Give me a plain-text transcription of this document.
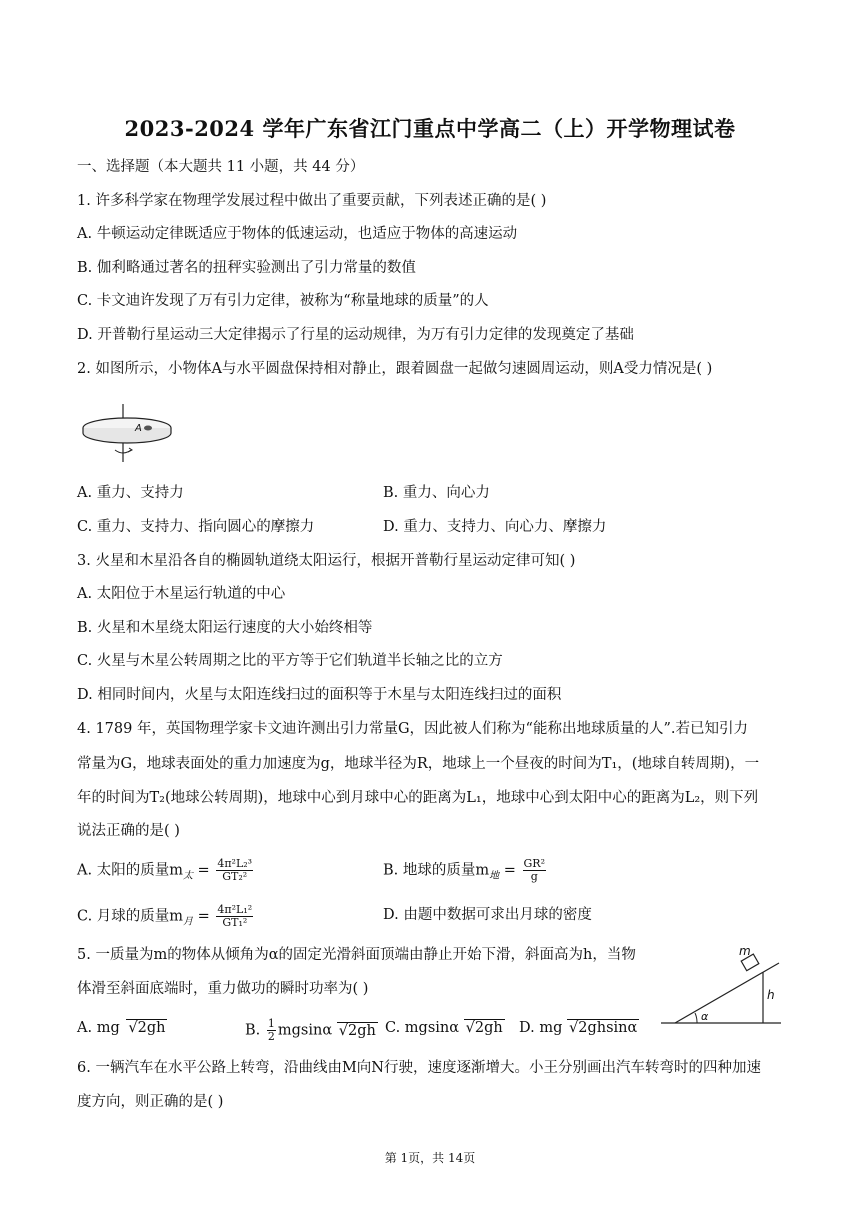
2023-2024 学年广东省江门重点中学高二（上）开学物理试卷
一、选择题（本大题共 11 小题，共 44 分）
1. 许多科学家在物理学发展过程中做出了重要贡献，下列表述正确的是( )
A. 牛顿运动定律既适应于物体的低速运动，也适应于物体的高速运动
B. 伽利略通过著名的扭秤实验测出了引力常量的数值
C. 卡文迪许发现了万有引力定律，被称为“称量地球的质量”的人
D. 开普勒行星运动三大定律揭示了行星的运动规律，为万有引力定律的发现奠定了基础
2. 如图所示，小物体A与水平圆盘保持相对静止，跟着圆盘一起做匀速圆周运动，则A受力情况是( )
A
A. 重力、支持力	B. 重力、向心力
C. 重力、支持力、指向圆心的摩擦力	D. 重力、支持力、向心力、摩擦力
3. 火星和木星沿各自的椭圆轨道绕太阳运行，根据开普勒行星运动定律可知( )
A. 太阳位于木星运行轨道的中心
B. 火星和木星绕太阳运行速度的大小始终相等
C. 火星与木星公转周期之比的平方等于它们轨道半长轴之比的立方
D. 相同时间内，火星与太阳连线扫过的面积等于木星与太阳连线扫过的面积
4. 1789 年，英国物理学家卡文迪许测出引力常量G，因此被人们称为“能称出地球质量的人”.若已知引力
常量为G，地球表面处的重力加速度为g，地球半径为R，地球上一个昼夜的时间为T₁，(地球自转周期)，一
年的时间为T₂(地球公转周期)，地球中心到月球中心的距离为L₁，地球中心到太阳中心的距离为L₂，则下列
说法正确的是( )
A. 太阳的质量$m_太 = \frac{\text{4π²L₂³}}{\text{GT₂²}}$	B. 地球的质量$m_地 = \frac{\text{GR²}}{g}$
C. 月球的质量$m_月 = \frac{\text{4π²L₁²}}{\text{GT₁²}}$	D. 由题中数据可求出月球的密度
5. 一质量为m的物体从倾角为α的固定光滑斜面顶端由静止开始下滑，斜面高为h，当物
体滑至斜面底端时，重力做功的瞬时功率为( )
A. mg √2gh	B. $\frac{1}{2}$ mgsinα √2gh C. mgsinα √2gh D. mg √2ghsinα
m
h
α
6. 一辆汽车在水平公路上转弯，沿曲线由M向N行驶，速度逐渐增大。小王分别画出汽车转弯时的四种加速
度方向，则正确的是( )
第 1页，共 14页
